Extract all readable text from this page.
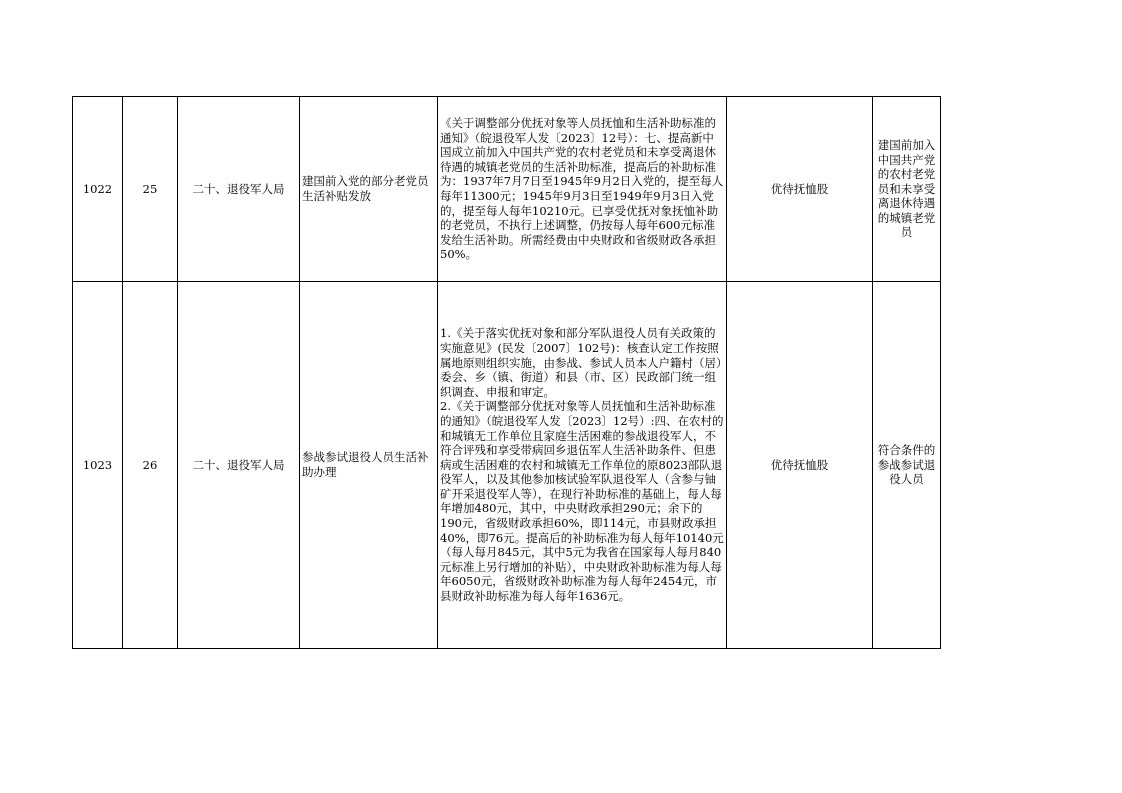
1022	25	二十、退役军人局	建国前入党的部分老党员生活补贴发放	《关于调整部分优抚对象等人员抚恤和生活补助标准的通知》（皖退役军人发〔2023〕12号）：七、提高新中国成立前加入中国共产党的农村老党员和未享受离退休待遇的城镇老党员的生活补助标准，提高后的补助标准为：1937年7月7日至1945年9月2日入党的，提至每人每年11300元；1945年9月3日至1949年9月3日入党的，提至每人每年10210元。已享受优抚对象抚恤补助的老党员，不执行上述调整，仍按每人每年600元标准发给生活补助。所需经费由中央财政和省级财政各承担50%。	优待抚恤股	建国前加入中国共产党的农村老党员和未享受离退休待遇的城镇老党员
1023	26	二十、退役军人局	参战参试退役人员生活补助办理	1.《关于落实优抚对象和部分军队退役人员有关政策的实施意见》(民发〔2007〕102号)：核查认定工作按照属地原则组织实施，由参战、参试人员本人户籍村（居）委会、乡（镇、街道）和县（市、区）民政部门统一组织调查、申报和审定。
2.《关于调整部分优抚对象等人员抚恤和生活补助标准的通知》（皖退役军人发〔2023〕12号）:四、在农村的和城镇无工作单位且家庭生活困难的参战退役军人，不符合评残和享受带病回乡退伍军人生活补助条件、但患病或生活困难的农村和城镇无工作单位的原8023部队退役军人，以及其他参加核试验军队退役军人（含参与铀矿开采退役军人等），在现行补助标准的基础上，每人每年增加480元，其中，中央财政承担290元；余下的190元，省级财政承担60%，即114元，市县财政承担40%，即76元。提高后的补助标准为每人每年10140元（每人每月845元，其中5元为我省在国家每人每月840元标准上另行增加的补贴），中央财政补助标准为每人每年6050元，省级财政补助标准为每人每年2454元，市县财政补助标准为每人每年1636元。	优待抚恤股	符合条件的参战参试退役人员
